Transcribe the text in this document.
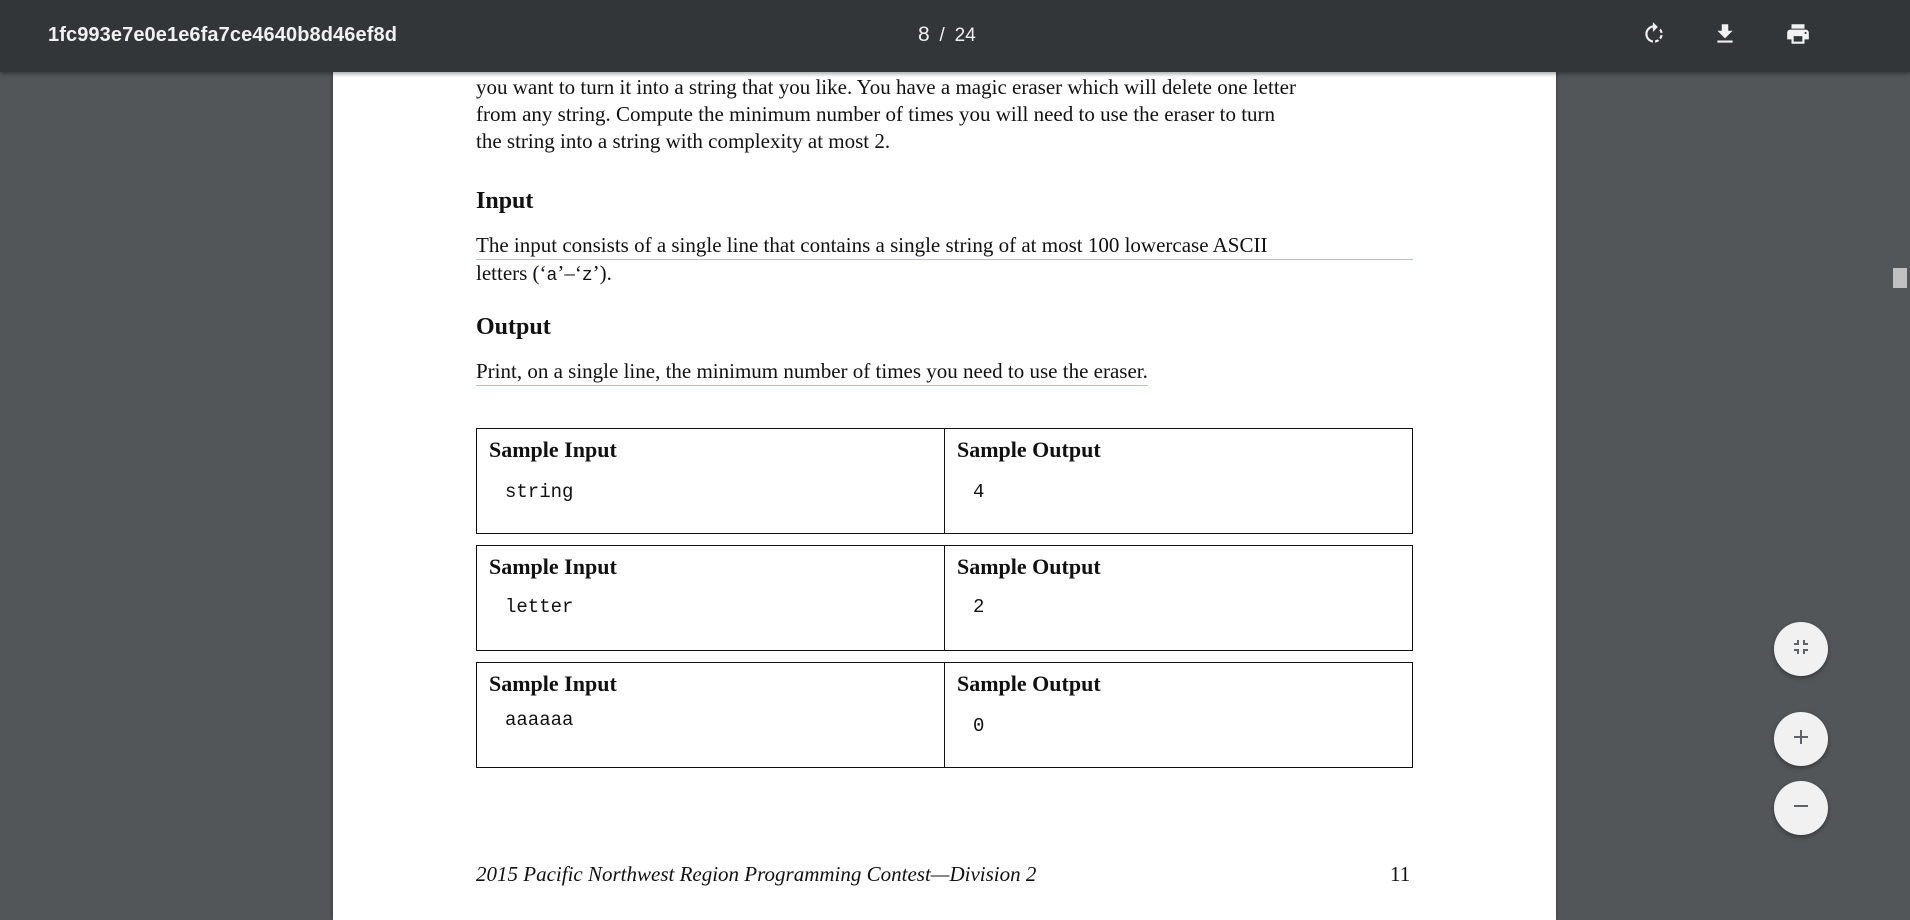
1fc993e7e0e1e6fa7ce4640b8d46ef8d	8 / 24

you want to turn it into a string that you like. You have a magic eraser which will delete one letter

from any string. Compute the minimum number of times you will need to use the eraser to turn

the string into a string with complexity at most 2.

Input

The input consists of a single line that contains a single string of at most 100 lowercase ASCII

letters (‘a’–‘z’).

Output

Print, on a single line, the minimum number of times you need to use the eraser.

Sample Input
string
Sample Output
4
Sample Input
letter
Sample Output
2
Sample Input
aaaaaa
Sample Output
0
2015 Pacific Northwest Region Programming Contest—Division 2	11
